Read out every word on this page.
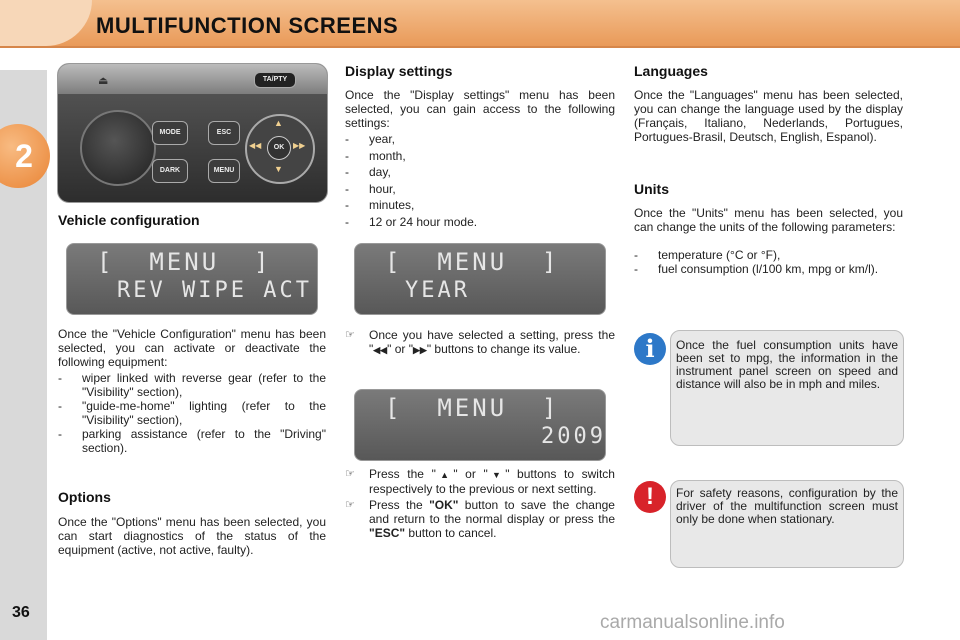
MULTIFUNCTION SCREENS
2
36
⏏	TA/PTY
MODE
DARK
ESC
MENU
▲
▼
◀◀	▶▶
OK
Vehicle configuration
[  MENU  ]
REV WIPE ACT

Once the "Vehicle Configuration" menu has been selected, you can activate or deactivate the following equipment:

- wiper linked with reverse gear (refer to the "Visibility" section),
- "guide-me-home" lighting (refer to the "Visibility" section),
- parking assistance (refer to the "Driving" section).
Options

Once the "Options" menu has been selected, you can start diagnostics of the status of the equipment (active, not active, faulty).

Display settings

Once the "Display settings" menu has been selected, you can gain access to the following settings:

- year,
- month,
- day,
- hour,
- minutes,
- 12 or 24 hour mode.
[  MENU  ]
YEAR
☞ Once you have selected a setting, press the "◀◀" or "▶▶" buttons to change its value.
[  MENU  ]
2009
☞ Press the "▲" or "▼" buttons to switch respectively to the previous or next setting.
☞ Press the "OK" button to save the change and return to the normal display or press the "ESC" button to cancel.
Languages

Once the "Languages" menu has been selected, you can change the language used by the display (Français, Italiano, Nederlands, Portugues, Portugues-Brasil, Deutsch, English, Espanol).

Units

Once the "Units" menu has been selected, you can change the units of the following parameters:

- temperature (°C or °F),
- fuel consumption (l/100 km, mpg or km/l).
i	Once the fuel consumption units have been set to mpg, the information in the instrument panel screen on speed and distance will also be in mph and miles.

!	For safety reasons, configuration by the driver of the multifunction screen must only be done when stationary.

carmanualsonline.info
